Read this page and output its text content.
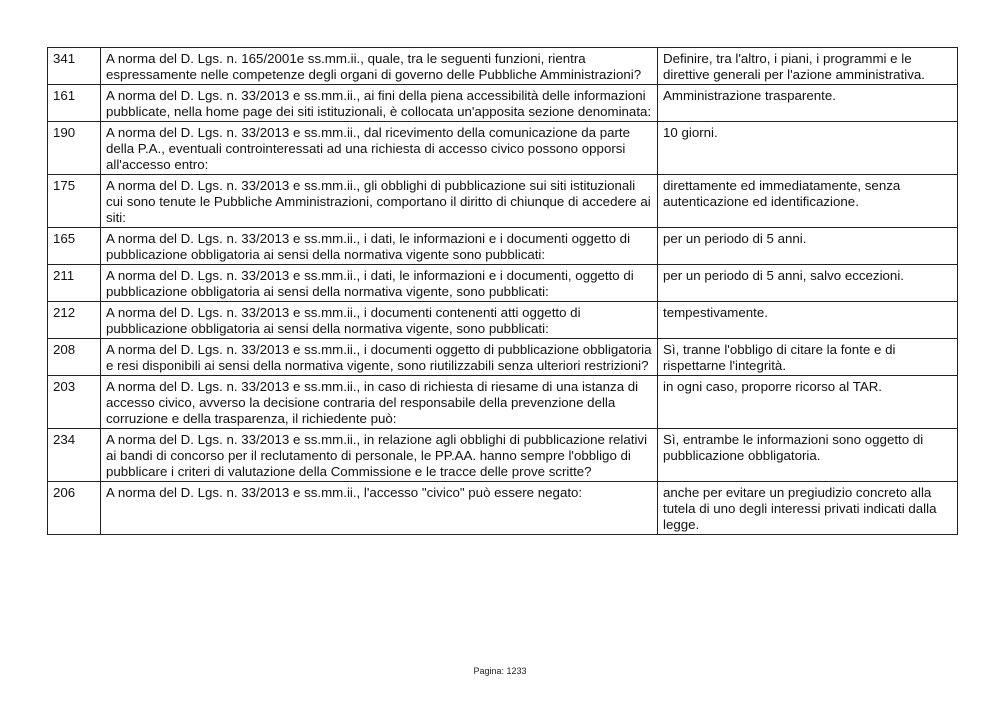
341	A norma del D. Lgs. n. 165/2001e ss.mm.ii., quale, tra le seguenti funzioni, rientra espressamente nelle competenze degli organi di governo delle Pubbliche Amministrazioni?	Definire, tra l'altro, i piani, i programmi e le direttive generali per l'azione amministrativa.
161	A norma del D. Lgs. n. 33/2013 e ss.mm.ii., ai fini della piena accessibilità delle informazioni pubblicate, nella home page dei siti istituzionali, è collocata un'apposita sezione denominata:	Amministrazione trasparente.
190	A norma del D. Lgs. n. 33/2013 e ss.mm.ii., dal ricevimento della comunicazione da parte della P.A., eventuali controinteressati ad una richiesta di accesso civico possono opporsi all'accesso entro:	10 giorni.
175	A norma del D. Lgs. n. 33/2013 e ss.mm.ii., gli obblighi di pubblicazione sui siti istituzionali cui sono tenute le Pubbliche Amministrazioni, comportano il diritto di chiunque di accedere ai siti:	direttamente ed immediatamente, senza autenticazione ed identificazione.
165	A norma del D. Lgs. n. 33/2013 e ss.mm.ii., i dati, le informazioni e i documenti oggetto di pubblicazione obbligatoria ai sensi della normativa vigente sono pubblicati:	per un periodo di 5 anni.
211	A norma del D. Lgs. n. 33/2013 e ss.mm.ii., i dati, le informazioni e i documenti, oggetto di pubblicazione obbligatoria ai sensi della normativa vigente, sono pubblicati:	per un periodo di 5 anni, salvo eccezioni.
212	A norma del D. Lgs. n. 33/2013 e ss.mm.ii., i documenti contenenti atti oggetto di pubblicazione obbligatoria ai sensi della normativa vigente, sono pubblicati:	tempestivamente.
208	A norma del D. Lgs. n. 33/2013 e ss.mm.ii., i documenti oggetto di pubblicazione obbligatoria e resi disponibili ai sensi della normativa vigente, sono riutilizzabili senza ulteriori restrizioni?	Sì, tranne l'obbligo di citare la fonte e di rispettarne l'integrità.
203	A norma del D. Lgs. n. 33/2013 e ss.mm.ii., in caso di richiesta di riesame di una istanza di accesso civico, avverso la decisione contraria del responsabile della prevenzione della corruzione e della trasparenza, il richiedente può:	in ogni caso, proporre ricorso al TAR.
234	A norma del D. Lgs. n. 33/2013 e ss.mm.ii., in relazione agli obblighi di pubblicazione relativi ai bandi di concorso per il reclutamento di personale, le PP.AA. hanno sempre l'obbligo di pubblicare i criteri di valutazione della Commissione e le tracce delle prove scritte?	Sì, entrambe le informazioni sono oggetto di pubblicazione obbligatoria.
206	A norma del D. Lgs. n. 33/2013 e ss.mm.ii., l'accesso "civico" può essere negato:	anche per evitare un pregiudizio concreto alla tutela di uno degli interessi privati indicati dalla legge.
Pagina: 1233
